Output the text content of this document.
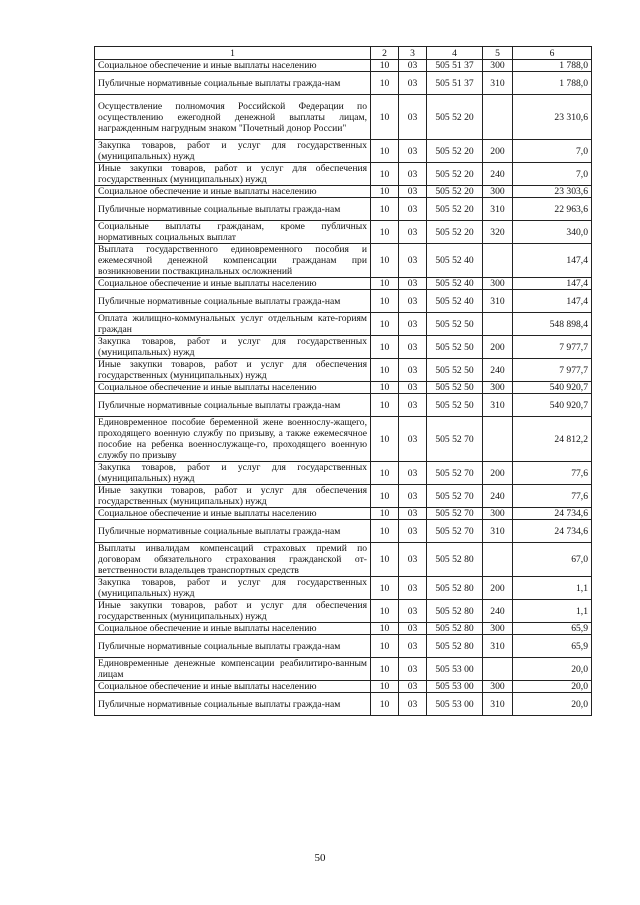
1	2	3	4	5	6
Социальное обеспечение и иные выплаты населению	10	03	505 51 37	300	1 788,0
Публичные нормативные социальные выплаты гражда-нам	10	03	505 51 37	310	1 788,0
Осуществление полномочия Российской Федерации по осуществлению ежегодной денежной выплаты лицам, награжденным нагрудным знаком "Почетный донор России"	10	03	505 52 20		23 310,6
Закупка товаров, работ и услуг для государственных (муниципальных) нужд	10	03	505 52 20	200	7,0
Иные закупки товаров, работ и услуг для обеспечения государственных (муниципальных) нужд	10	03	505 52 20	240	7,0
Социальное обеспечение и иные выплаты населению	10	03	505 52 20	300	23 303,6
Публичные нормативные социальные выплаты гражда-нам	10	03	505 52 20	310	22 963,6
Социальные выплаты гражданам, кроме публичных нормативных социальных выплат	10	03	505 52 20	320	340,0
Выплата государственного единовременного пособия и ежемесячной денежной компенсации гражданам при возникновении поствакцинальных осложнений	10	03	505 52 40		147,4
Социальное обеспечение и иные выплаты населению	10	03	505 52 40	300	147,4
Публичные нормативные социальные выплаты гражда-нам	10	03	505 52 40	310	147,4
Оплата жилищно-коммунальных услуг отдельным кате-гориям граждан	10	03	505 52 50		548 898,4
Закупка товаров, работ и услуг для государственных (муниципальных) нужд	10	03	505 52 50	200	7 977,7
Иные закупки товаров, работ и услуг для обеспечения государственных (муниципальных) нужд	10	03	505 52 50	240	7 977,7
Социальное обеспечение и иные выплаты населению	10	03	505 52 50	300	540 920,7
Публичные нормативные социальные выплаты гражда-нам	10	03	505 52 50	310	540 920,7
Единовременное пособие беременной жене военнослу-жащего, проходящего военную службу по призыву, а также ежемесячное пособие на ребенка военнослужаще-го, проходящего военную службу по призыву	10	03	505 52 70		24 812,2
Закупка товаров, работ и услуг для государственных (муниципальных) нужд	10	03	505 52 70	200	77,6
Иные закупки товаров, работ и услуг для обеспечения государственных (муниципальных) нужд	10	03	505 52 70	240	77,6
Социальное обеспечение и иные выплаты населению	10	03	505 52 70	300	24 734,6
Публичные нормативные социальные выплаты гражда-нам	10	03	505 52 70	310	24 734,6
Выплаты инвалидам компенсаций страховых премий по договорам обязательного страхования гражданской от-ветственности владельцев транспортных средств	10	03	505 52 80		67,0
Закупка товаров, работ и услуг для государственных (муниципальных) нужд	10	03	505 52 80	200	1,1
Иные закупки товаров, работ и услуг для обеспечения государственных (муниципальных) нужд	10	03	505 52 80	240	1,1
Социальное обеспечение и иные выплаты населению	10	03	505 52 80	300	65,9
Публичные нормативные социальные выплаты гражда-нам	10	03	505 52 80	310	65,9
Единовременные денежные компенсации реабилитиро-ванным лицам	10	03	505 53 00		20,0
Социальное обеспечение и иные выплаты населению	10	03	505 53 00	300	20,0
Публичные нормативные социальные выплаты гражда-нам	10	03	505 53 00	310	20,0
50
